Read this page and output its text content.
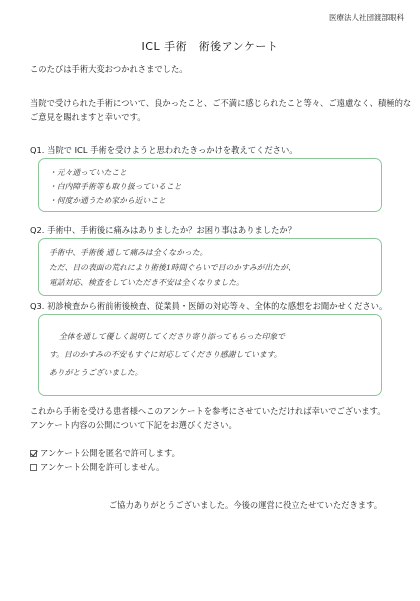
医療法人社団渡部眼科
ICL 手術　術後アンケート
このたびは手術大変おつかれさまでした。
当院で受けられた手術について、良かったこと、ご不満に感じられたこと等々、ご遠慮なく、積極的な
ご意見を賜れますと幸いです。
Q1. 当院で ICL 手術を受けようと思われたきっかけを教えてください。
・元々通っていたこと
・白内障手術等も取り扱っていること
・何度か通うため家から近いこと
Q2. 手術中、手術後に痛みはありましたか？お困り事はありましたか？
手術中、手術後 通して痛みは全くなかった。
ただ、目の表面の荒れにより術後1時間ぐらいで目のかすみが出たが、
電話対応、検査をしていただき不安は全くなりました。
Q3. 初診検査から術前術後検査、従業員・医師の対応等々、全体的な感想をお聞かせください。
全体を通して優しく説明してくださり寄り添ってもらった印象で
す。目のかすみの不安もすぐに対応してくださり感謝しています。
ありがとうございました。
これから手術を受ける患者様へこのアンケートを参考にさせていただければ幸いでございます。
アンケート内容の公開について下記をお選びください。
アンケート公開を匿名で許可します。
アンケート公開を許可しません。
ご協力ありがとうございました。今後の運営に役立たせていただきます。
